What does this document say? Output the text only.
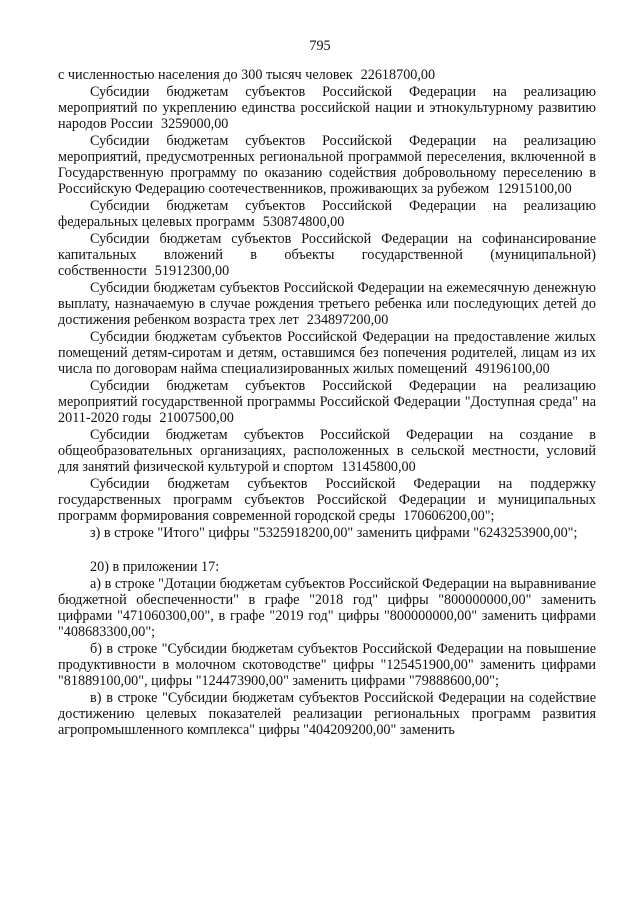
795

с численностью населения до 300 тысяч человек 22618700,00

Субсидии бюджетам субъектов Российской Федерации на реализацию мероприятий по укреплению единства российской нации и этнокультурному развитию народов России 3259000,00

Субсидии бюджетам субъектов Российской Федерации на реализацию мероприятий, предусмотренных региональной программой переселения, включенной в Государственную программу по оказанию содействия добровольному переселению в Российскую Федерацию соотечественников, проживающих за рубежом 12915100,00

Субсидии бюджетам субъектов Российской Федерации на реализацию федеральных целевых программ 530874800,00

Субсидии бюджетам субъектов Российской Федерации на софинансирование капитальных вложений в объекты государственной (муниципальной) собственности 51912300,00

Субсидии бюджетам субъектов Российской Федерации на ежемесячную денежную выплату, назначаемую в случае рождения третьего ребенка или последующих детей до достижения ребенком возраста трех лет 234897200,00

Субсидии бюджетам субъектов Российской Федерации на предоставление жилых помещений детям-сиротам и детям, оставшимся без попечения родителей, лицам из их числа по договорам найма специализированных жилых помещений 49196100,00

Субсидии бюджетам субъектов Российской Федерации на реализацию мероприятий государственной программы Российской Федерации "Доступная среда" на 2011-2020 годы 21007500,00

Субсидии бюджетам субъектов Российской Федерации на создание в общеобразовательных организациях, расположенных в сельской местности, условий для занятий физической культурой и спортом 13145800,00

Субсидии бюджетам субъектов Российской Федерации на поддержку государственных программ субъектов Российской Федерации и муниципальных программ формирования современной городской среды 170606200,00";

з) в строке "Итого" цифры "5325918200,00" заменить цифрами "6243253900,00";

20) в приложении 17:

а) в строке "Дотации бюджетам субъектов Российской Федерации на выравнивание бюджетной обеспеченности" в графе "2018 год" цифры "800000000,00" заменить цифрами "471060300,00", в графе "2019 год" цифры "800000000,00" заменить цифрами "408683300,00";

б) в строке "Субсидии бюджетам субъектов Российской Федерации на повышение продуктивности в молочном скотоводстве" цифры "125451900,00" заменить цифрами "81889100,00", цифры "124473900,00" заменить цифрами "79888600,00";

в) в строке "Субсидии бюджетам субъектов Российской Федерации на содействие достижению целевых показателей реализации региональных программ развития агропромышленного комплекса" цифры "404209200,00" заменить
